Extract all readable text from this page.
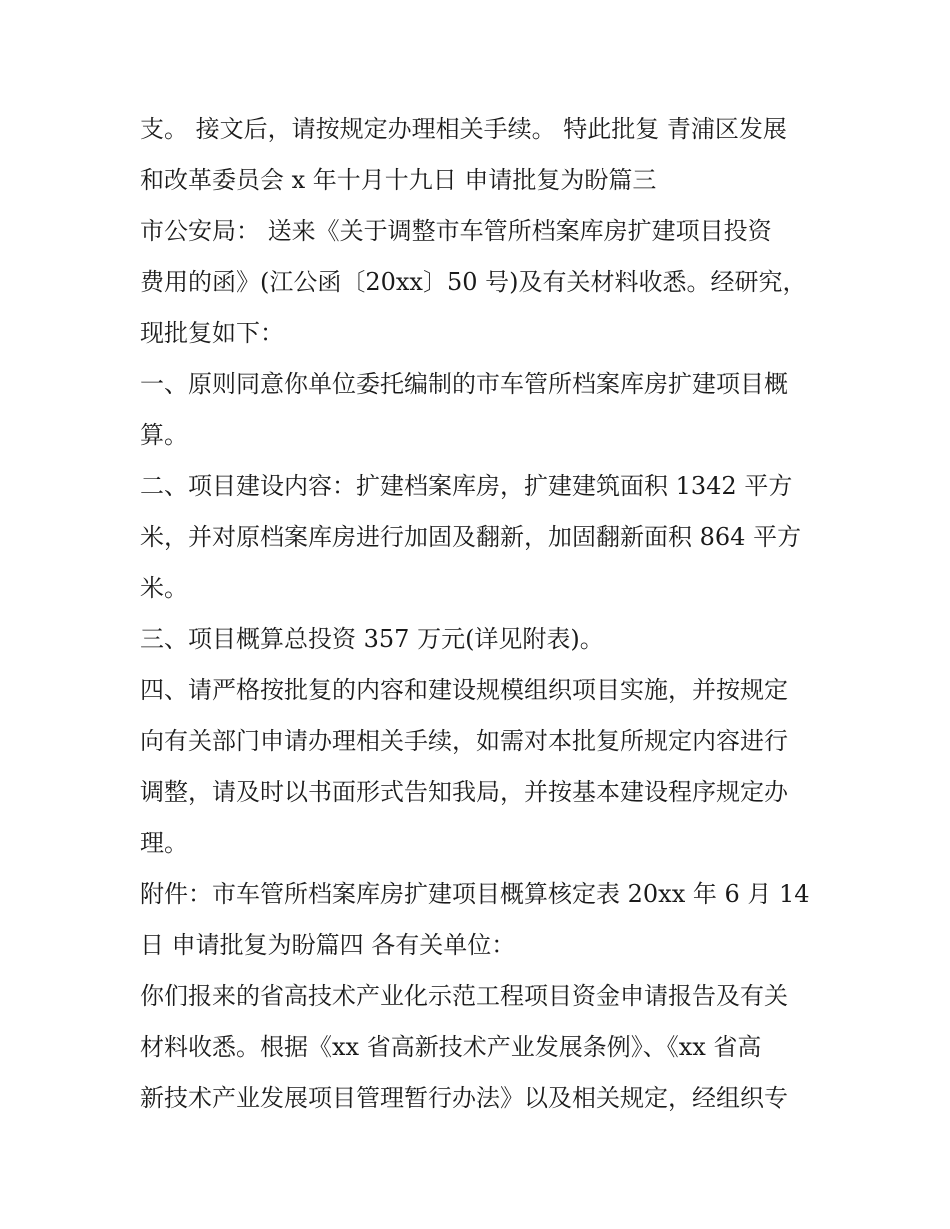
支。 接文后，请按规定办理相关手续。 特此批复 青浦区发展
和改革委员会 x 年十月十九日 申请批复为盼篇三
市公安局： 送来《关于调整市车管所档案库房扩建项目投资
费用的函》(江公函〔20xx〕50 号)及有关材料收悉。经研究，
现批复如下：
一、原则同意你单位委托编制的市车管所档案库房扩建项目概
算。
二、项目建设内容：扩建档案库房，扩建建筑面积 1342 平方
米，并对原档案库房进行加固及翻新，加固翻新面积 864 平方
米。
三、项目概算总投资 357 万元(详见附表)。
四、请严格按批复的内容和建设规模组织项目实施，并按规定
向有关部门申请办理相关手续，如需对本批复所规定内容进行
调整，请及时以书面形式告知我局，并按基本建设程序规定办
理。
附件：市车管所档案库房扩建项目概算核定表 20xx 年 6 月 14
日 申请批复为盼篇四 各有关单位：
你们报来的省高技术产业化示范工程项目资金申请报告及有关
材料收悉。根据《xx 省高新技术产业发展条例》、《xx 省高
新技术产业发展项目管理暂行办法》以及相关规定，经组织专
